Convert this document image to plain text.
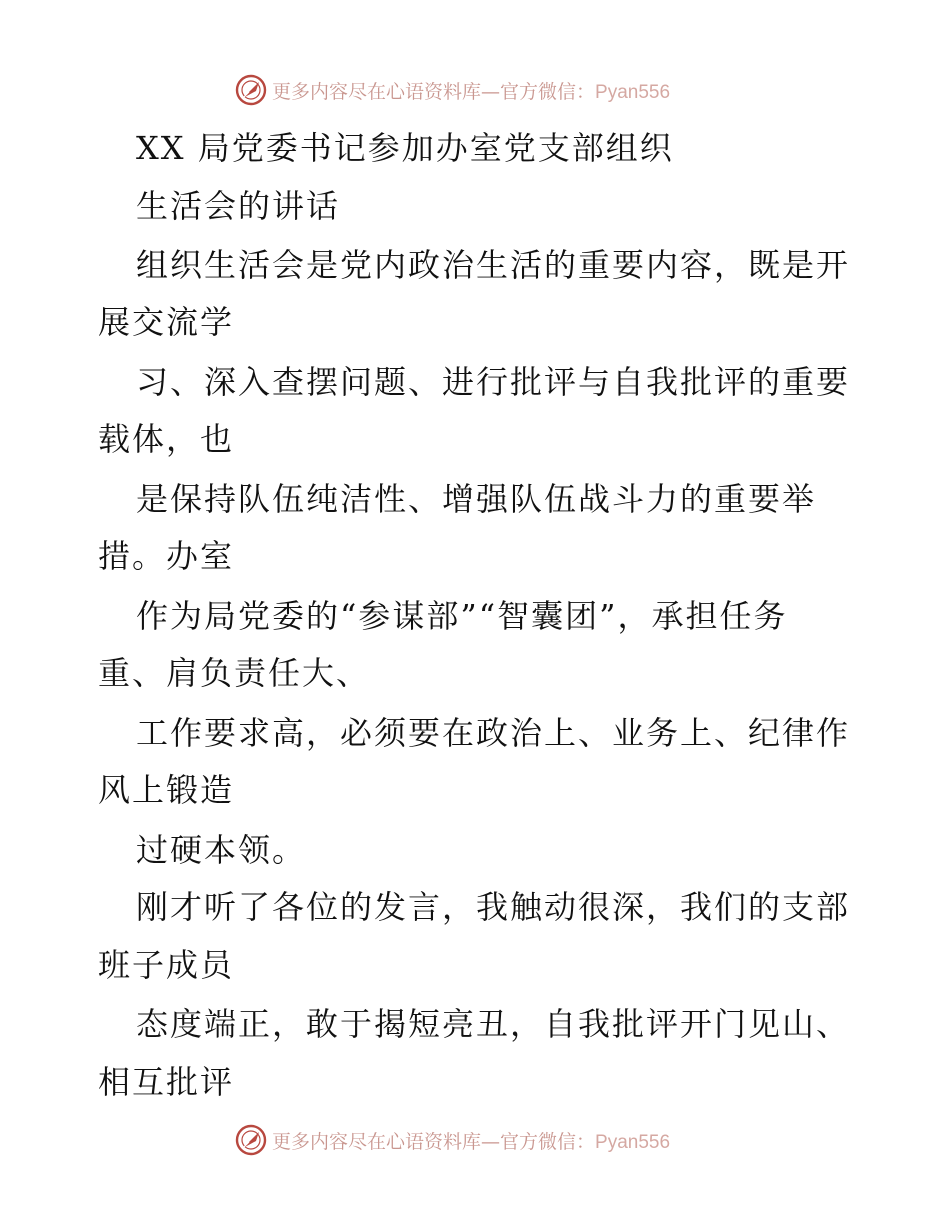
更多内容尽在心语资料库—官方微信：Pyan556
XX 局党委书记参加办室党支部组织
生活会的讲话
组织生活会是党内政治生活的重要内容，既是开
展交流学
习、深入查摆问题、进行批评与自我批评的重要
载体，也
是保持队伍纯洁性、增强队伍战斗力的重要举
措。办室
作为局党委的“参谋部”“智囊团”，承担任务
重、肩负责任大、
工作要求高，必须要在政治上、业务上、纪律作
风上锻造
过硬本领。
刚才听了各位的发言，我触动很深，我们的支部
班子成员
态度端正，敢于揭短亮丑，自我批评开门见山、
相互批评
更多内容尽在心语资料库—官方微信：Pyan556
